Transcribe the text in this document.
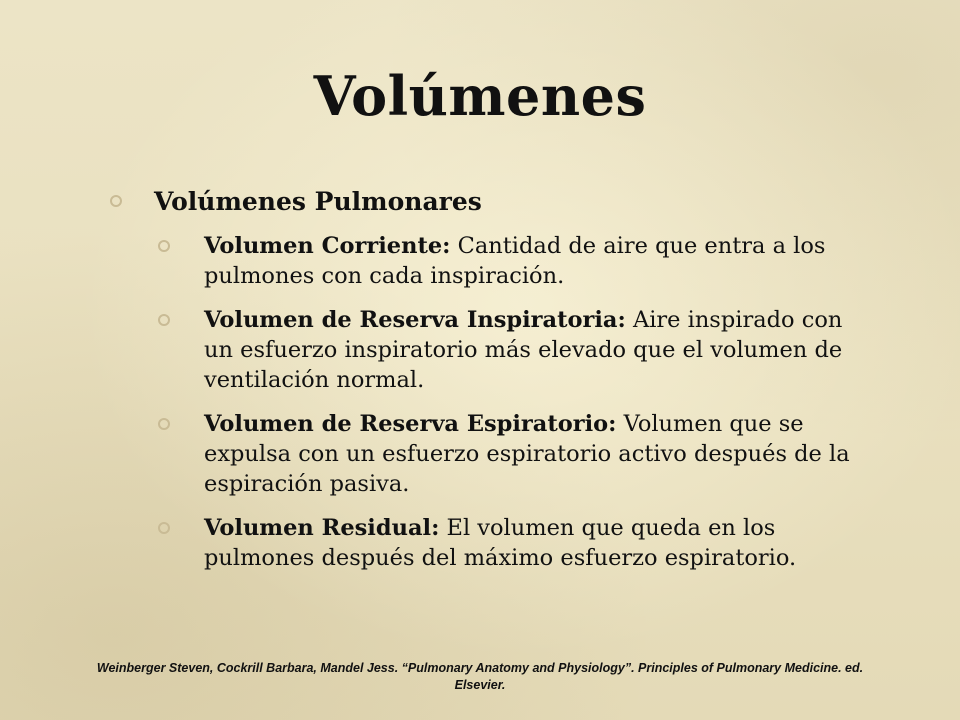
Volúmenes
Volúmenes Pulmonares
Volumen Corriente: Cantidad de aire que entra a los pulmones con cada inspiración.
Volumen de Reserva Inspiratoria: Aire inspirado con un esfuerzo inspiratorio más elevado que el volumen de ventilación normal.
Volumen de Reserva Espiratorio: Volumen que se expulsa con un esfuerzo espiratorio activo después de la espiración pasiva.
Volumen Residual: El volumen que queda en los pulmones después del máximo esfuerzo espiratorio.
Weinberger Steven, Cockrill Barbara, Mandel Jess. “Pulmonary Anatomy and Physiology”. Principles of Pulmonary Medicine. ed. Elsevier.
